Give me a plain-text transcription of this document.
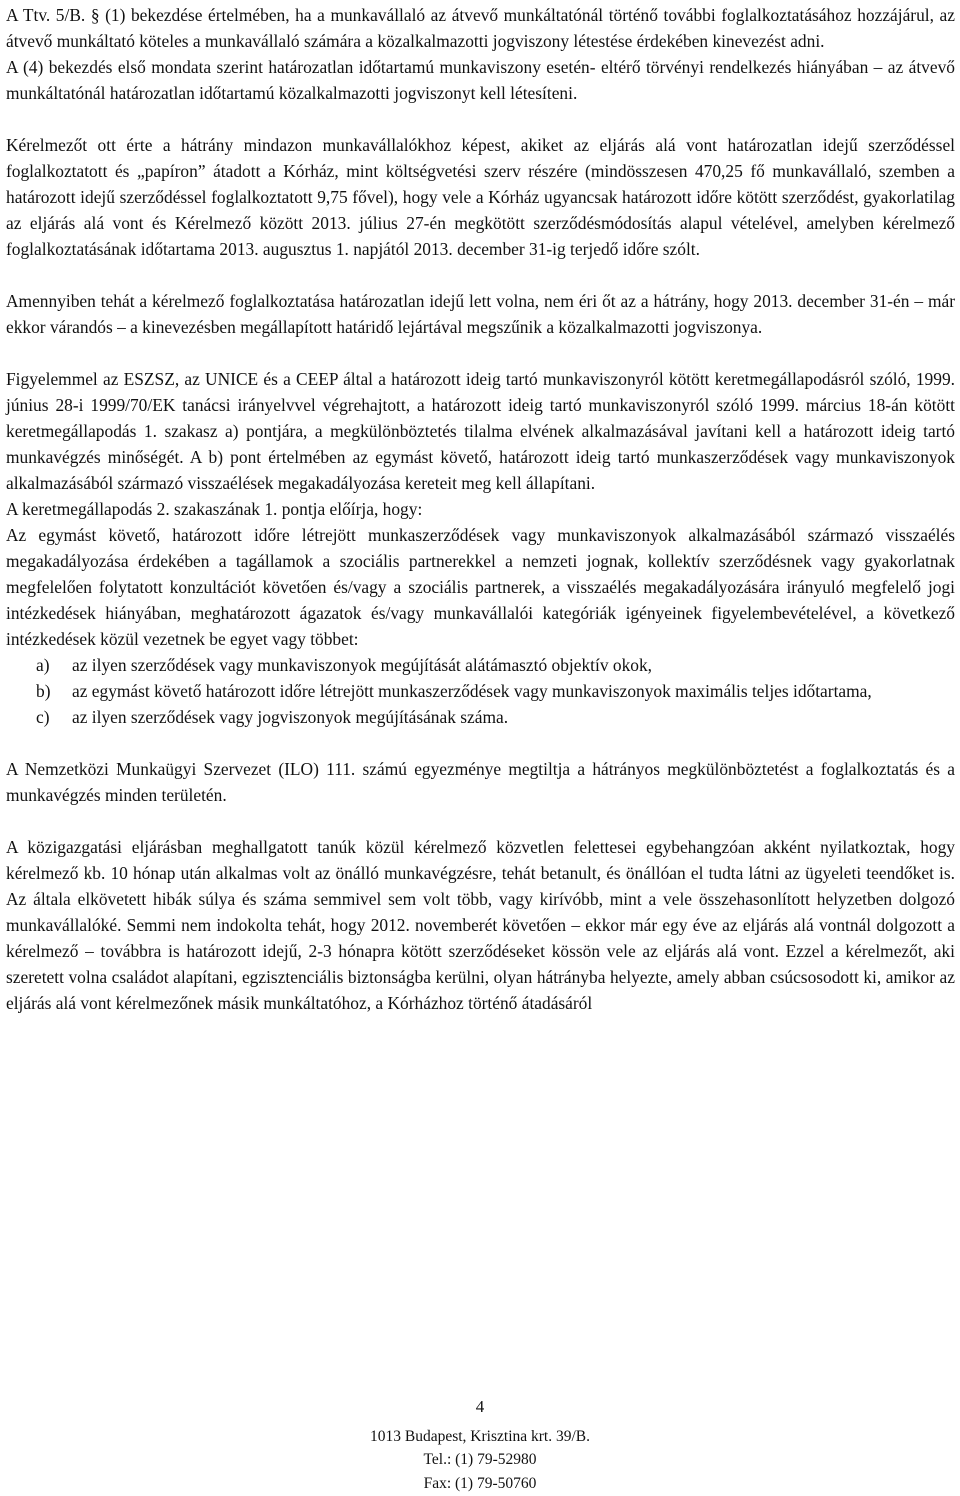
A Ttv. 5/B. § (1) bekezdése értelmében, ha a munkavállaló az átvevő munkáltatónál történő további foglalkoztatásához hozzájárul, az átvevő munkáltató köteles a munkavállaló számára a közalkalmazotti jogviszony létestése érdekében kinevezést adni.

A (4) bekezdés első mondata szerint határozatlan időtartamú munkaviszony esetén- eltérő törvényi rendelkezés hiányában – az átvevő munkáltatónál határozatlan időtartamú közalkalmazotti jogviszonyt kell létesíteni.

Kérelmezőt ott érte a hátrány mindazon munkavállalókhoz képest, akiket az eljárás alá vont határozatlan idejű szerződéssel foglalkoztatott és „papíron” átadott a Kórház, mint költségvetési szerv részére (mindösszesen 470,25 fő munkavállaló, szemben a határozott idejű szerződéssel foglalkoztatott 9,75 fővel), hogy vele a Kórház ugyancsak határozott időre kötött szerződést, gyakorlatilag az eljárás alá vont és Kérelmező között 2013. július 27-én megkötött szerződésmódosítás alapul vételével, amelyben kérelmező foglalkoztatásának időtartama 2013. augusztus 1. napjától 2013. december 31-ig terjedő időre szólt.

Amennyiben tehát a kérelmező foglalkoztatása határozatlan idejű lett volna, nem éri őt az a hátrány, hogy 2013. december 31-én – már ekkor várandós – a kinevezésben megállapított határidő lejártával megszűnik a közalkalmazotti jogviszonya.

Figyelemmel az ESZSZ, az UNICE és a CEEP által a határozott ideig tartó munkaviszonyról kötött keretmegállapodásról szóló, 1999. június 28-i 1999/70/EK tanácsi irányelvvel végrehajtott, a határozott ideig tartó munkaviszonyról szóló 1999. március 18-án kötött keretmegállapodás 1. szakasz a) pontjára, a megkülönböztetés tilalma elvének alkalmazásával javítani kell a határozott ideig tartó munkavégzés minőségét. A b) pont értelmében az egymást követő, határozott ideig tartó munkaszerződések vagy munkaviszonyok alkalmazásából származó visszaélések megakadályozása kereteit meg kell állapítani.

A keretmegállapodás 2. szakaszának 1. pontja előírja, hogy:

Az egymást követő, határozott időre létrejött munkaszerződések vagy munkaviszonyok alkalmazásából származó visszaélés megakadályozása érdekében a tagállamok a szociális partnerekkel a nemzeti jognak, kollektív szerződésnek vagy gyakorlatnak megfelelően folytatott konzultációt követően és/vagy a szociális partnerek, a visszaélés megakadályozására irányuló megfelelő jogi intézkedések hiányában, meghatározott ágazatok és/vagy munkavállalói kategóriák igényeinek figyelembevételével, a következő intézkedések közül vezetnek be egyet vagy többet:

a) az ilyen szerződések vagy munkaviszonyok megújítását alátámasztó objektív okok,
b) az egymást követő határozott időre létrejött munkaszerződések vagy munkaviszonyok maximális teljes időtartama,
c) az ilyen szerződések vagy jogviszonyok megújításának száma.

A Nemzetközi Munkaügyi Szervezet (ILO) 111. számú egyezménye megtiltja a hátrányos megkülönböztetést a foglalkoztatás és a munkavégzés minden területén.

A közigazgatási eljárásban meghallgatott tanúk közül kérelmező közvetlen felettesei egybehangzóan akként nyilatkoztak, hogy kérelmező kb. 10 hónap után alkalmas volt az önálló munkavégzésre, tehát betanult, és önállóan el tudta látni az ügyeleti teendőket is. Az általa elkövetett hibák súlya és száma semmivel sem volt több, vagy kirívóbb, mint a vele összehasonlított helyzetben dolgozó munkavállalóké. Semmi nem indokolta tehát, hogy 2012. novemberét követően – ekkor már egy éve az eljárás alá vontnál dolgozott a kérelmező – továbbra is határozott idejű, 2-3 hónapra kötött szerződéseket kössön vele az eljárás alá vont. Ezzel a kérelmezőt, aki szeretett volna családot alapítani, egzisztenciális biztonságba kerülni, olyan hátrányba helyezte, amely abban csúcsosodott ki, amikor az eljárás alá vont kérelmezőnek másik munkáltatóhoz, a Kórházhoz történő átadásáról

4
1013 Budapest, Krisztina krt. 39/B.
Tel.: (1) 79-52980
Fax: (1) 79-50760
